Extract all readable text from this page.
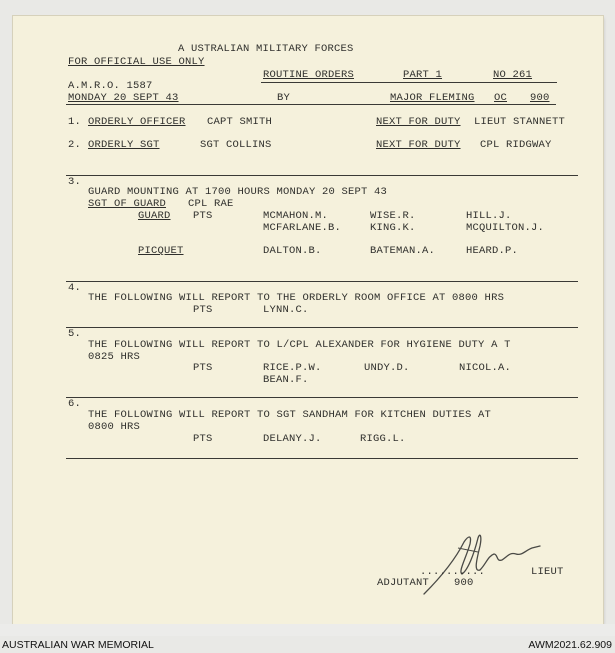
A USTRALIAN MILITARY FORCES
FOR OFFICIAL USE ONLY
ROUTINE ORDERS	PART 1	NO 261
A.M.R.O. 1587
MONDAY 20 SEPT 43	BY	MAJOR FLEMING OC 900
1. ORDERLY OFFICER CAPT SMITH	NEXT FOR DUTY LIEUT STANNETT
2. ORDERLY SGT	SGT COLLINS	NEXT FOR DUTY CPL RIDGWAY
3.
GUARD MOUNTING AT 1700 HOURS MONDAY 20 SEPT 43
SGT OF GUARD CPL RAE
GUARD PTS	MCMAHON.M.	WISE.R.	HILL.J.
MCFARLANE.B.	KING.K.	MCQUILTON.J.
PICQUET	DALTON.B.	BATEMAN.A.	HEARD.P.
4.
THE FOLLOWING WILL REPORT TO THE ORDERLY ROOM OFFICE AT 0800 HRS
PTS	LYNN.C.
5.
THE FOLLOWING WILL REPORT TO L/CPL ALEXANDER FOR HYGIENE DUTY A T
0825 HRS
PTS	RICE.P.W.	UNDY.D.	NICOL.A.
BEAN.F.
6.
THE FOLLOWING WILL REPORT TO SGT SANDHAM FOR KITCHEN DUTIES AT
0800 HRS
PTS	DELANY.J.	RIGG.L.
..........	LIEUT
ADJUTANT 900
AUSTRALIAN WAR MEMORIAL	AWM2021.62.909
